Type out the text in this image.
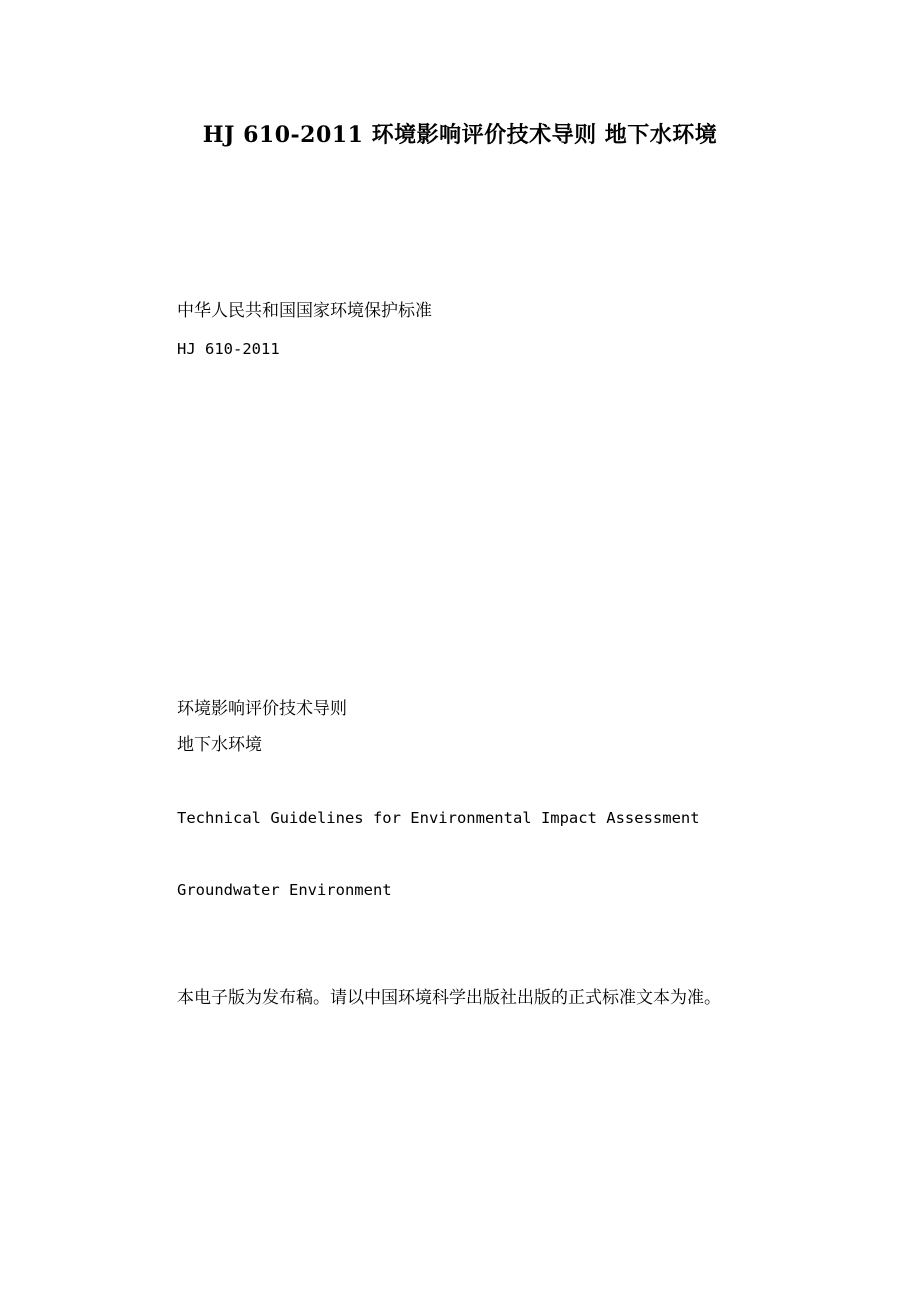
HJ 610-2011 环境影响评价技术导则 地下水环境
中华人民共和国国家环境保护标准
HJ 610-2011
环境影响评价技术导则
地下水环境
Technical Guidelines for Environmental Impact Assessment
Groundwater Environment
本电子版为发布稿。请以中国环境科学出版社出版的正式标准文本为准。
